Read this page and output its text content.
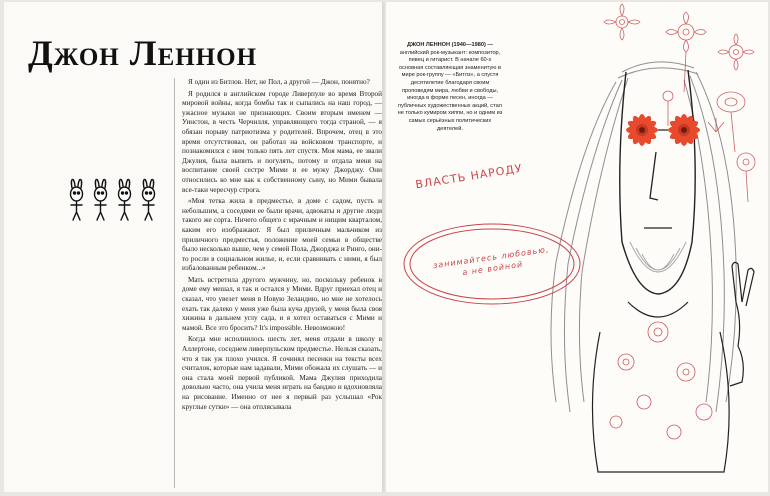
Джон Леннон

Я один из Битлов. Нет, не Пол, а другой — Джон, понятно?

Я родился в английском городе Ливерпуле во время Второй мировой войны, когда бомбы так и сыпались на наш город, — ужасное музыки не признающих. Своим вторым именем — Уинстон, в честь Черчилля, управляющего тогда страной, — я обязан порыву патриотизма у родителей. Впрочем, отец в это время отсутствовал, он работал на войсковом транспорте, и познакомился с ним только пять лет спустя. Моя мама, ее звали Джулия, была выпить и погулять, потому и отдала меня на воспитание своей сестре Мими и ее мужу Джорджу. Они относились ко мне как к собственному сыну, но Мими бывала все-таки чересчур строга.

«Моя тетка жила в предместье, в доме с садом, пусть и небольшим, а соседями ее были врачи, адвокаты и другие люди такого же сорта. Ничего общего с мрачным и нищим кварталом, каким его изображают. Я был приличным мальчиком из приличного предместья, положение моей семьи в обществе было несколько выше, чем у семей Пола, Джорджа и Ринго, они-то росли в социальном жилье, и, если сравнивать с ними, я был избалованным ребенком...»

Мать встретила другого мужчину, но, поскольку ребенок в доме ему мешал, я так и остался у Мими. Вдруг приехал отец и сказал, что увезет меня в Новую Зеландию, но мне не хотелось ехать так далеко у меня уже была куча друзей, у меня была своя хижина в дальнем углу сада, и я хотел оставаться с Мими и мамой. Все это бросить? It's impossible. Невозможно!

Когда мне исполнилось шесть лет, меня отдали в школу в Аллертоне, соседнем ливерпульском предместье. Нельзя сказать, что я так уж плохо учился. Я сочинял песенки на тексты всех считалок, которые нам задавали, Мими обожала их слушать — и она стала моей первой публикой. Мама Джулия приходила довольно часто, она учила меня играть на банджо и вдохновляла на рисование. Именно от нее я первый раз услышал «Рок круглые сутки» — она отплясывала

ДЖОН ЛЕННОН (1940—1980) — английский рок-музыкант: композитор, певец и гитарист. В начале 60-х основная составляющая знаменитую в мире рок-группу — «Битлз», а спустя десятилетие благодаря своим проповедям мира, любви и свободы, иногда в форме песен, иногда — публичных художественных акций, стал не только кумиром хиппи, но и одним из самых серьёзных политических деятелей.
ВЛАСТЬ НАРОДУ
занимайтесь любовью, а не войной
